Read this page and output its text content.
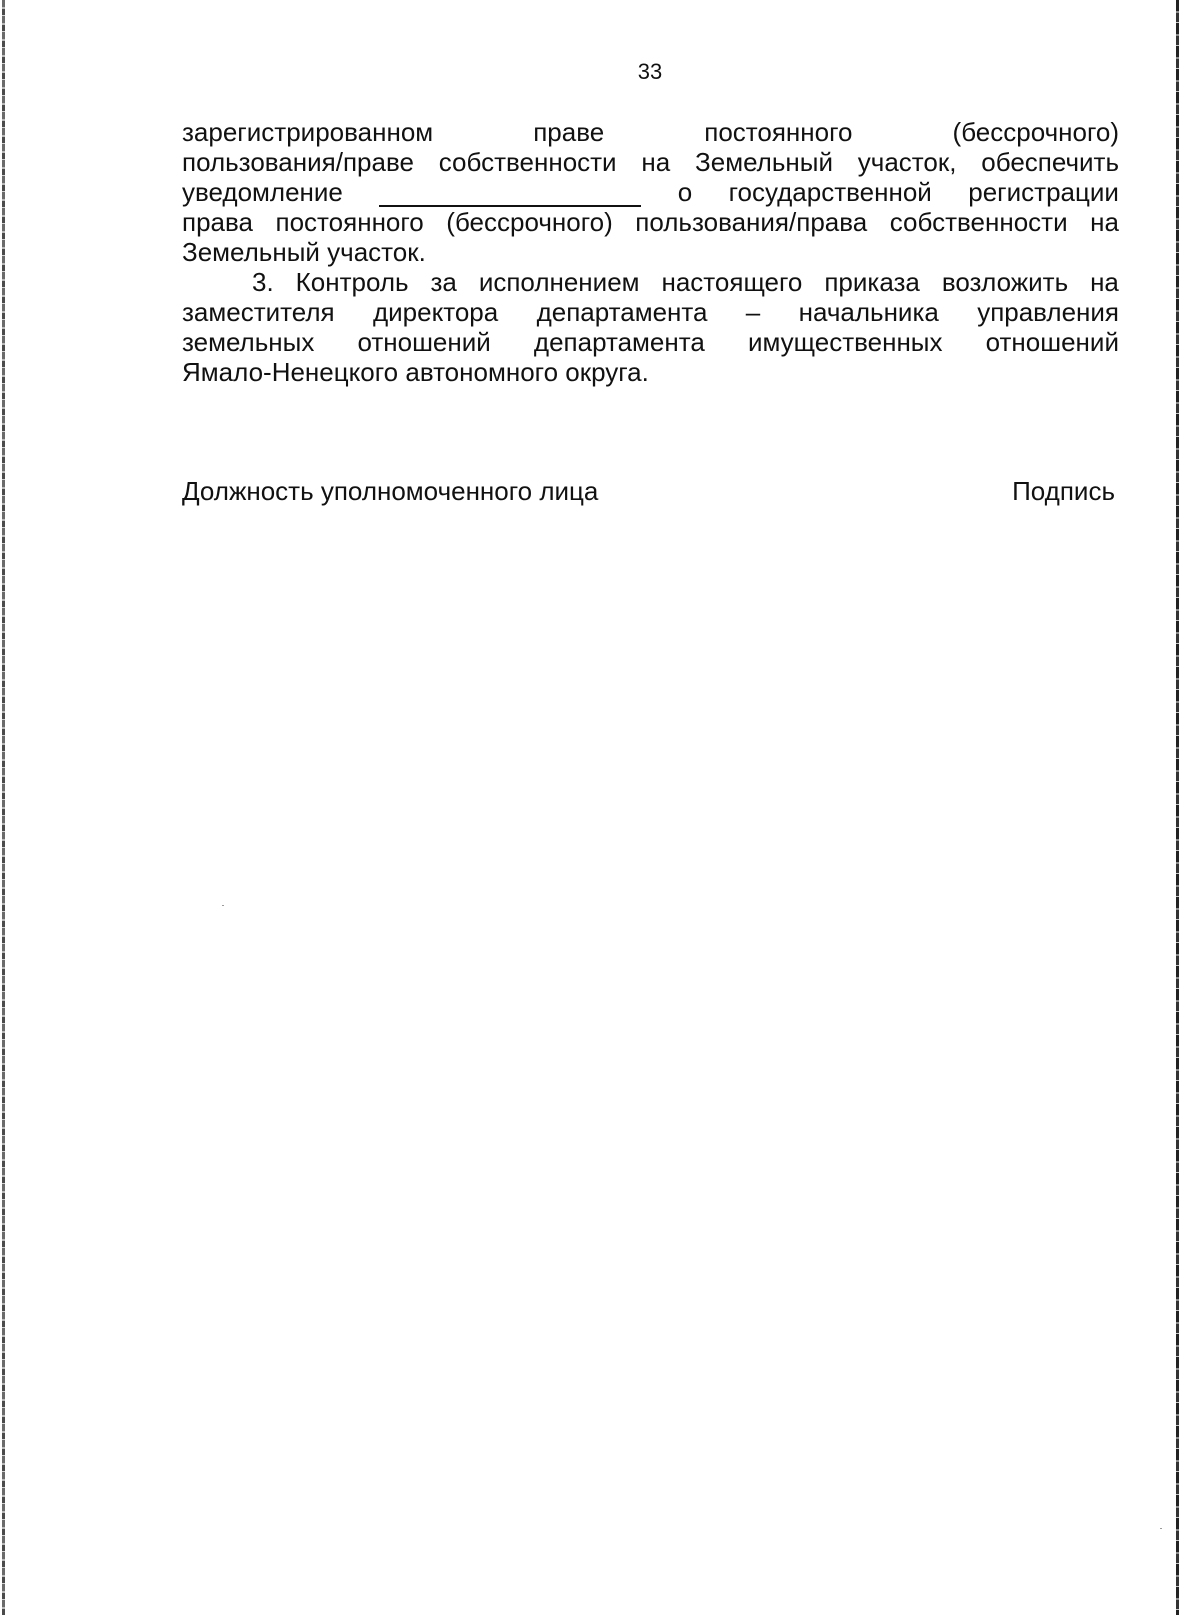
33
зарегистрированном	праве	постоянного	(бессрочного)
пользования/праве собственности на Земельный участок, обеспечить
уведомление	o государственной регистрации
права постоянного (бессрочного) пользования/права собственности на
Земельный участок.
3. Контроль за исполнением настоящего приказа возложить на
заместителя директора департамента – начальника управления
земельных отношений департамента имущественных отношений
Ямало-Ненецкого автономного округа.
Должность уполномоченного лица	Подпись
